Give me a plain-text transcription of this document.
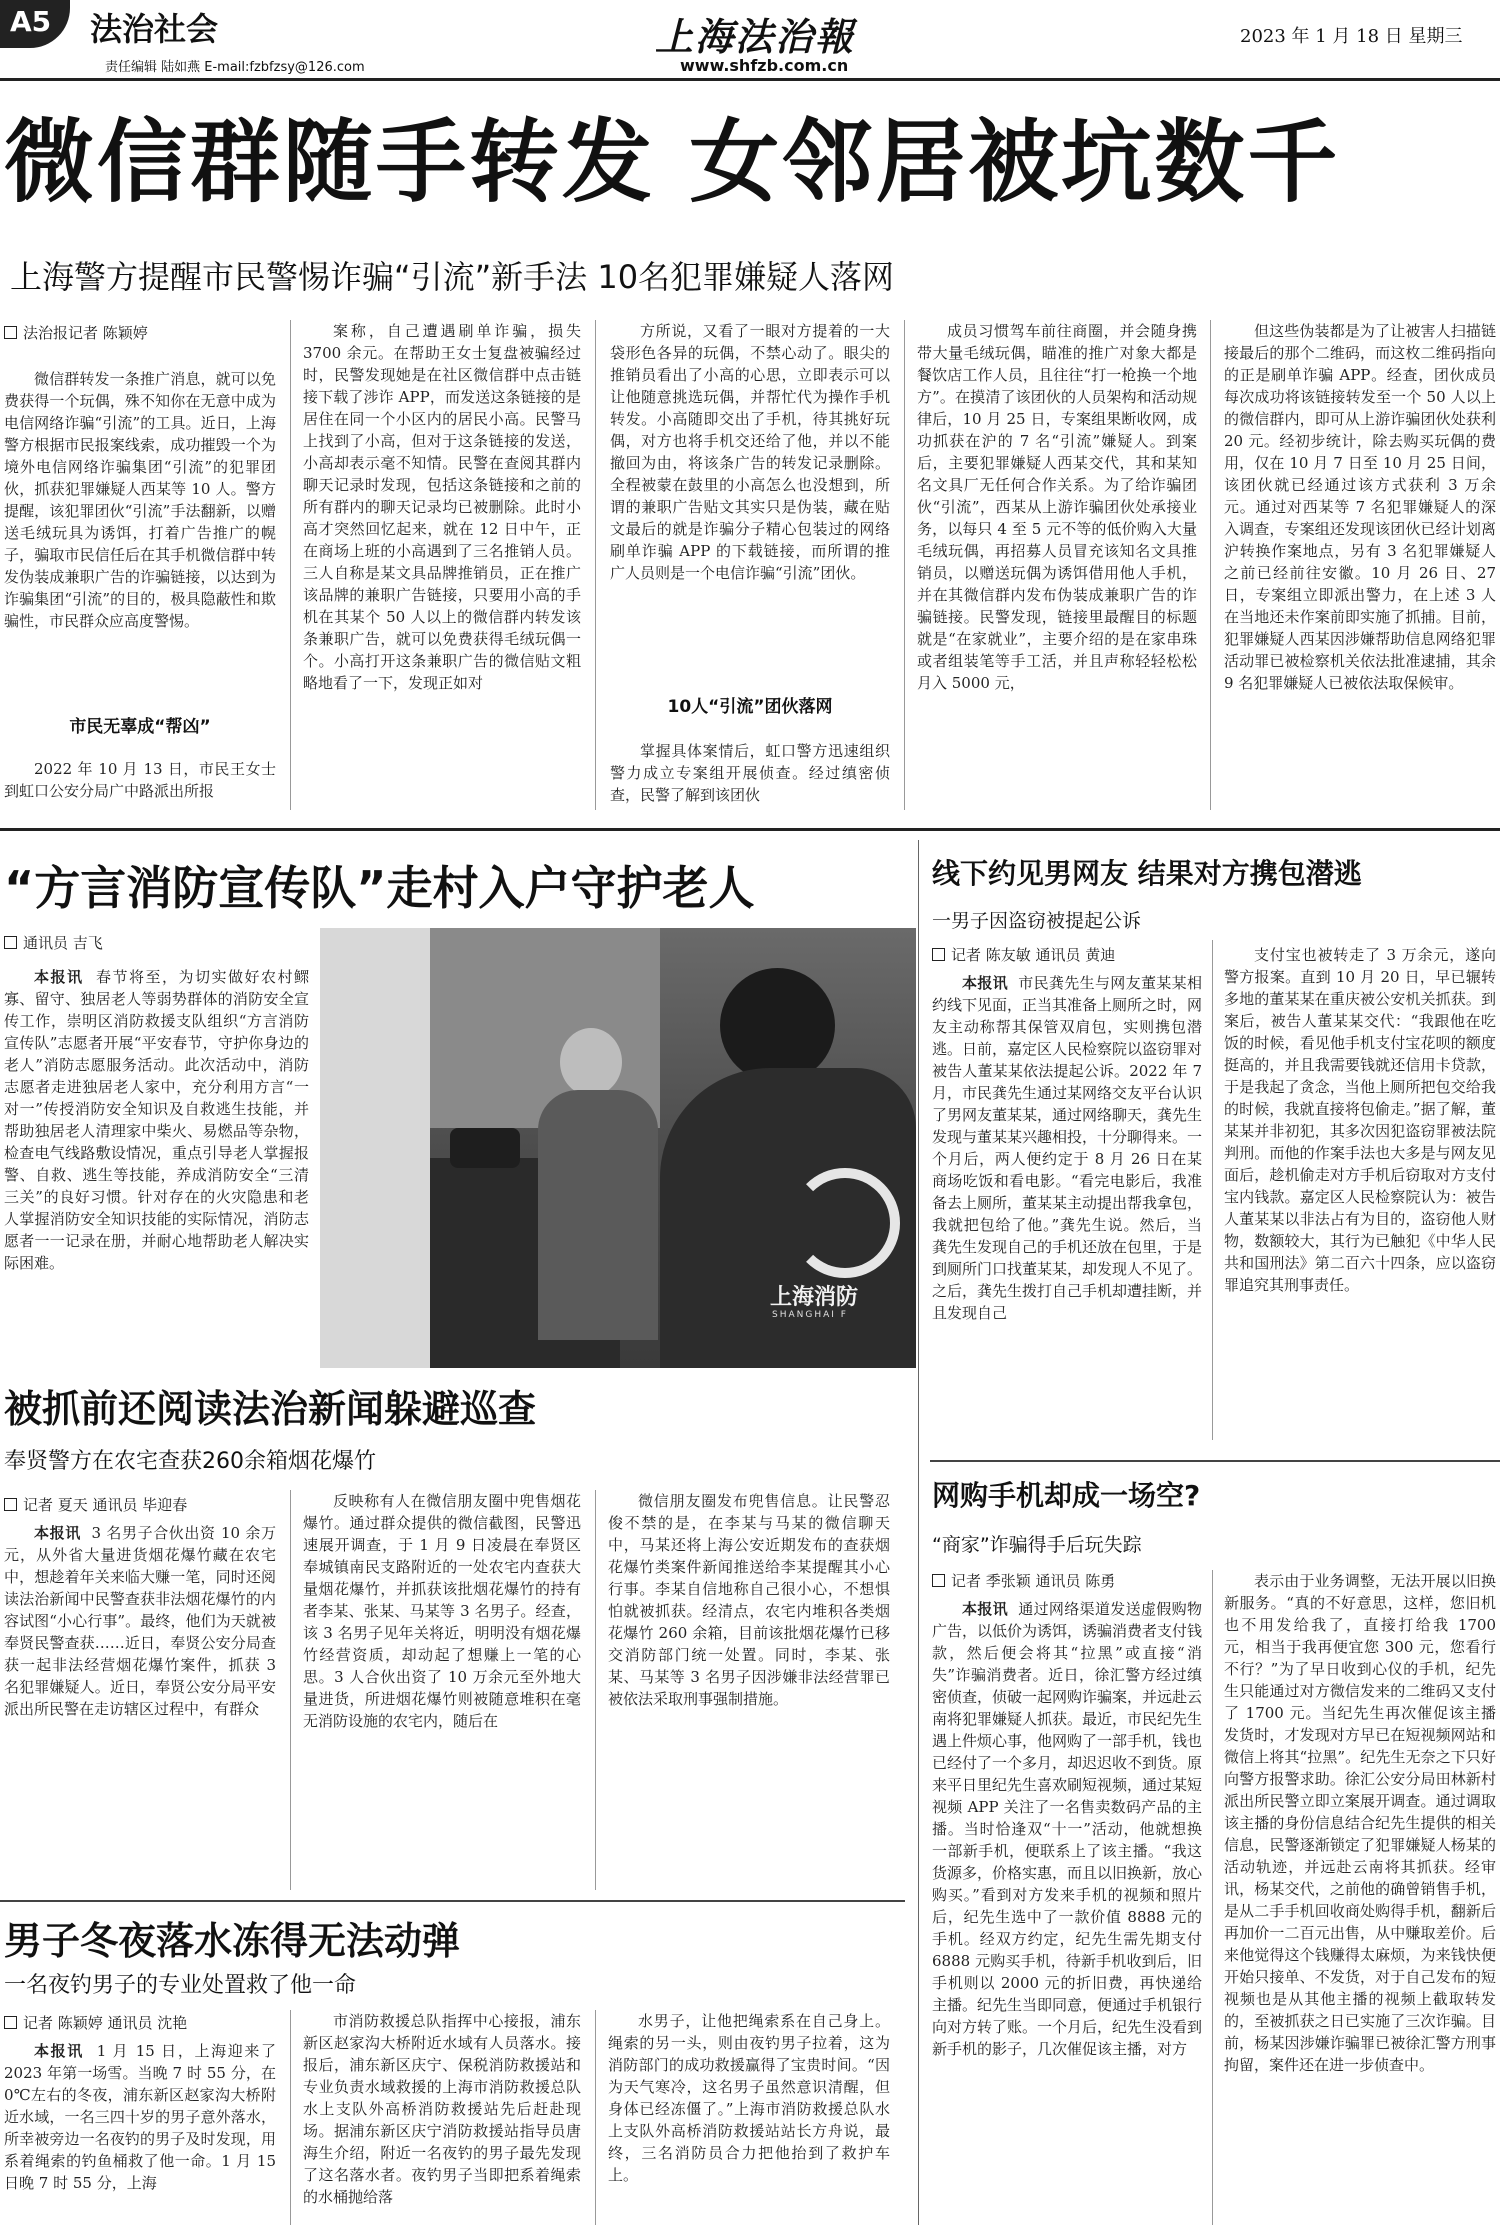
A5	法治社会
责任编辑 陆如燕 E-mail:fzbfzsy@126.com
上海法治報
www.shfzb.com.cn
2023 年 1 月 18 日 星期三
微信群随手转发 女邻居被坑数千
上海警方提醒市民警惕诈骗“引流”新手法 10名犯罪嫌疑人落网
法治报记者 陈颖婷

微信群转发一条推广消息，就可以免费获得一个玩偶，殊不知你在无意中成为电信网络诈骗“引流”的工具。近日，上海警方根据市民报案线索，成功摧毁一个为境外电信网络诈骗集团“引流”的犯罪团伙，抓获犯罪嫌疑人西某等 10 人。警方提醒，该犯罪团伙“引流”手法翻新，以赠送毛绒玩具为诱饵，打着广告推广的幌子，骗取市民信任后在其手机微信群中转发伪装成兼职广告的诈骗链接，以达到为诈骗集团“引流”的目的，极具隐蔽性和欺骗性，市民群众应高度警惕。

市民无辜成“帮凶”

2022 年 10 月 13 日，市民王女士到虹口公安分局广中路派出所报

案称，自己遭遇刷单诈骗，损失 3700 余元。在帮助王女士复盘被骗经过时，民警发现她是在社区微信群中点击链接下载了涉诈 APP，而发送这条链接的是居住在同一个小区内的居民小高。民警马上找到了小高，但对于这条链接的发送，小高却表示毫不知情。民警在查阅其群内聊天记录时发现，包括这条链接和之前的所有群内的聊天记录均已被删除。此时小高才突然回忆起来，就在 12 日中午，正在商场上班的小高遇到了三名推销人员。三人自称是某文具品牌推销员，正在推广该品牌的兼职广告链接，只要用小高的手机在其某个 50 人以上的微信群内转发该条兼职广告，就可以免费获得毛绒玩偶一个。小高打开这条兼职广告的微信贴文粗略地看了一下，发现正如对

方所说，又看了一眼对方提着的一大袋形色各异的玩偶，不禁心动了。眼尖的推销员看出了小高的心思，立即表示可以让他随意挑选玩偶，并帮忙代为操作手机转发。小高随即交出了手机，待其挑好玩偶，对方也将手机交还给了他，并以不能撤回为由，将该条广告的转发记录删除。全程被蒙在鼓里的小高怎么也没想到，所谓的兼职广告贴文其实只是伪装，藏在贴文最后的就是诈骗分子精心包装过的网络刷单诈骗 APP 的下载链接，而所谓的推广人员则是一个电信诈骗“引流”团伙。

10人“引流”团伙落网

掌握具体案情后，虹口警方迅速组织警力成立专案组开展侦查。经过缜密侦查，民警了解到该团伙

成员习惯驾车前往商圈，并会随身携带大量毛绒玩偶，瞄准的推广对象大都是餐饮店工作人员，且往往“打一枪换一个地方”。在摸清了该团伙的人员架构和活动规律后，10 月 25 日，专案组果断收网，成功抓获在沪的 7 名“引流”嫌疑人。到案后，主要犯罪嫌疑人西某交代，其和某知名文具厂无任何合作关系。为了给诈骗团伙“引流”，西某从上游诈骗团伙处承接业务，以每只 4 至 5 元不等的低价购入大量毛绒玩偶，再招募人员冒充该知名文具推销员，以赠送玩偶为诱饵借用他人手机，并在其微信群内发布伪装成兼职广告的诈骗链接。民警发现，链接里最醒目的标题就是“在家就业”，主要介绍的是在家串珠或者组装笔等手工活，并且声称轻轻松松月入 5000 元，

但这些伪装都是为了让被害人扫描链接最后的那个二维码，而这枚二维码指向的正是刷单诈骗 APP。经查，团伙成员每次成功将该链接转发至一个 50 人以上的微信群内，即可从上游诈骗团伙处获利 20 元。经初步统计，除去购买玩偶的费用，仅在 10 月 7 日至 10 月 25 日间，该团伙就已经通过该方式获利 3 万余元。通过对西某等 7 名犯罪嫌疑人的深入调查，专案组还发现该团伙已经计划离沪转换作案地点，另有 3 名犯罪嫌疑人之前已经前往安徽。10 月 26 日、27 日，专案组立即派出警力，在上述 3 人在当地还未作案前即实施了抓捕。目前，犯罪嫌疑人西某因涉嫌帮助信息网络犯罪活动罪已被检察机关依法批准逮捕，其余 9 名犯罪嫌疑人已被依法取保候审。

“方言消防宣传队”走村入户守护老人
通讯员 吉飞

本报讯 春节将至，为切实做好农村鳏寡、留守、独居老人等弱势群体的消防安全宣传工作，崇明区消防救援支队组织“方言消防宣传队”志愿者开展“平安春节，守护你身边的老人”消防志愿服务活动。此次活动中，消防志愿者走进独居老人家中，充分利用方言“一对一”传授消防安全知识及自救逃生技能，并帮助独居老人清理家中柴火、易燃品等杂物，检查电气线路敷设情况，重点引导老人掌握报警、自救、逃生等技能，养成消防安全“三清三关”的良好习惯。针对存在的火灾隐患和老人掌握消防安全知识技能的实际情况，消防志愿者一一记录在册，并耐心地帮助老人解决实际困难。

上海消防
SHANGHAI F
被抓前还阅读法治新闻躲避巡查
奉贤警方在农宅查获260余箱烟花爆竹
记者 夏天 通讯员 毕迎春

本报讯 3 名男子合伙出资 10 余万元，从外省大量进货烟花爆竹藏在农宅中，想趁着年关来临大赚一笔，同时还阅读法治新闻中民警查获非法烟花爆竹的内容试图“小心行事”。最终，他们为天就被奉贤民警查获……近日，奉贤公安分局查获一起非法经营烟花爆竹案件，抓获 3 名犯罪嫌疑人。近日，奉贤公安分局平安派出所民警在走访辖区过程中，有群众

反映称有人在微信朋友圈中兜售烟花爆竹。通过群众提供的微信截图，民警迅速展开调查，于 1 月 9 日凌晨在奉贤区奉城镇南民支路附近的一处农宅内查获大量烟花爆竹，并抓获该批烟花爆竹的持有者李某、张某、马某等 3 名男子。经查，该 3 名男子见年关将近，明明没有烟花爆竹经营资质，却动起了想赚上一笔的心思。3 人合伙出资了 10 万余元至外地大量进货，所进烟花爆竹则被随意堆积在毫无消防设施的农宅内，随后在

微信朋友圈发布兜售信息。让民警忍俊不禁的是，在李某与马某的微信聊天中，马某还将上海公安近期发布的查获烟花爆竹类案件新闻推送给李某提醒其小心行事。李某自信地称自己很小心，不想惧怕就被抓获。经清点，农宅内堆积各类烟花爆竹 260 余箱，目前该批烟花爆竹已移交消防部门统一处置。同时，李某、张某、马某等 3 名男子因涉嫌非法经营罪已被依法采取刑事强制措施。

男子冬夜落水冻得无法动弹
一名夜钓男子的专业处置救了他一命
记者 陈颖婷 通讯员 沈艳

本报讯 1 月 15 日，上海迎来了 2023 年第一场雪。当晚 7 时 55 分，在 0℃左右的冬夜，浦东新区赵家沟大桥附近水域，一名三四十岁的男子意外落水，所幸被旁边一名夜钓的男子及时发现，用系着绳索的钓鱼桶救了他一命。1 月 15 日晚 7 时 55 分，上海

市消防救援总队指挥中心接报，浦东新区赵家沟大桥附近水域有人员落水。接报后，浦东新区庆宁、保税消防救援站和专业负责水域救援的上海市消防救援总队水上支队外高桥消防救援站先后赶赴现场。据浦东新区庆宁消防救援站指导员唐海生介绍，附近一名夜钓的男子最先发现了这名落水者。夜钓男子当即把系着绳索的水桶抛给落

水男子，让他把绳索系在自己身上。绳索的另一头，则由夜钓男子拉着，这为消防部门的成功救援赢得了宝贵时间。“因为天气寒冷，这名男子虽然意识清醒，但身体已经冻僵了。”上海市消防救援总队水上支队外高桥消防救援站站长方舟说，最终，三名消防员合力把他抬到了救护车上。

线下约见男网友 结果对方携包潜逃
一男子因盗窃被提起公诉
记者 陈友敏 通讯员 黄迪

本报讯 市民龚先生与网友董某某相约线下见面，正当其准备上厕所之时，网友主动称帮其保管双肩包，实则携包潜逃。日前，嘉定区人民检察院以盗窃罪对被告人董某某依法提起公诉。2022 年 7 月，市民龚先生通过某网络交友平台认识了男网友董某某，通过网络聊天，龚先生发现与董某某兴趣相投，十分聊得来。一个月后，两人便约定于 8 月 26 日在某商场吃饭和看电影。“看完电影后，我准备去上厕所，董某某主动提出帮我拿包，我就把包给了他。”龚先生说。然后，当龚先生发现自己的手机还放在包里，于是到厕所门口找董某某，却发现人不见了。之后，龚先生拨打自己手机却遭挂断，并且发现自己

支付宝也被转走了 3 万余元，遂向警方报案。直到 10 月 20 日，早已辗转多地的董某某在重庆被公安机关抓获。到案后，被告人董某某交代：“我跟他在吃饭的时候，看见他手机支付宝花呗的额度挺高的，并且我需要钱就还信用卡贷款，于是我起了贪念，当他上厕所把包交给我的时候，我就直接将包偷走。”据了解，董某某并非初犯，其多次因犯盗窃罪被法院判刑。而他的作案手法也大多是与网友见面后，趁机偷走对方手机后窃取对方支付宝内钱款。嘉定区人民检察院认为：被告人董某某以非法占有为目的，盗窃他人财物，数额较大，其行为已触犯《中华人民共和国刑法》第二百六十四条，应以盗窃罪追究其刑事责任。

网购手机却成一场空?
“商家”诈骗得手后玩失踪
记者 季张颖 通讯员 陈勇

本报讯 通过网络渠道发送虚假购物广告，以低价为诱饵，诱骗消费者支付钱款，然后便会将其“拉黑”或直接“消失”诈骗消费者。近日，徐汇警方经过缜密侦查，侦破一起网购诈骗案，并远赴云南将犯罪嫌疑人抓获。最近，市民纪先生遇上件烦心事，他网购了一部手机，钱也已经付了一个多月，却迟迟收不到货。原来平日里纪先生喜欢刷短视频，通过某短视频 APP 关注了一名售卖数码产品的主播。当时恰逢双“十一”活动，他就想换一部新手机，便联系上了该主播。“我这货源多，价格实惠，而且以旧换新，放心购买。”看到对方发来手机的视频和照片后，纪先生选中了一款价值 8888 元的手机。经双方约定，纪先生需先期支付 6888 元购买手机，待新手机收到后，旧手机则以 2000 元的折旧费，再快递给主播。纪先生当即同意，便通过手机银行向对方转了账。一个月后，纪先生没看到新手机的影子，几次催促该主播，对方

表示由于业务调整，无法开展以旧换新服务。“真的不好意思，这样，您旧机也不用发给我了，直接打给我 1700 元，相当于我再便宜您 300 元，您看行不行？”为了早日收到心仪的手机，纪先生只能通过对方微信发来的二维码又支付了 1700 元。当纪先生再次催促该主播发货时，才发现对方早已在短视频网站和微信上将其“拉黑”。纪先生无奈之下只好向警方报警求助。徐汇公安分局田林新村派出所民警立即立案展开调查。通过调取该主播的身份信息结合纪先生提供的相关信息，民警逐渐锁定了犯罪嫌疑人杨某的活动轨迹，并远赴云南将其抓获。经审讯，杨某交代，之前他的确曾销售手机，是从二手手机回收商处购得手机，翻新后再加价一二百元出售，从中赚取差价。后来他觉得这个钱赚得太麻烦，为来钱快便开始只接单、不发货，对于自己发布的短视频也是从其他主播的视频上截取转发的，至被抓获之日已实施了三次诈骗。目前，杨某因涉嫌诈骗罪已被徐汇警方刑事拘留，案件还在进一步侦查中。
